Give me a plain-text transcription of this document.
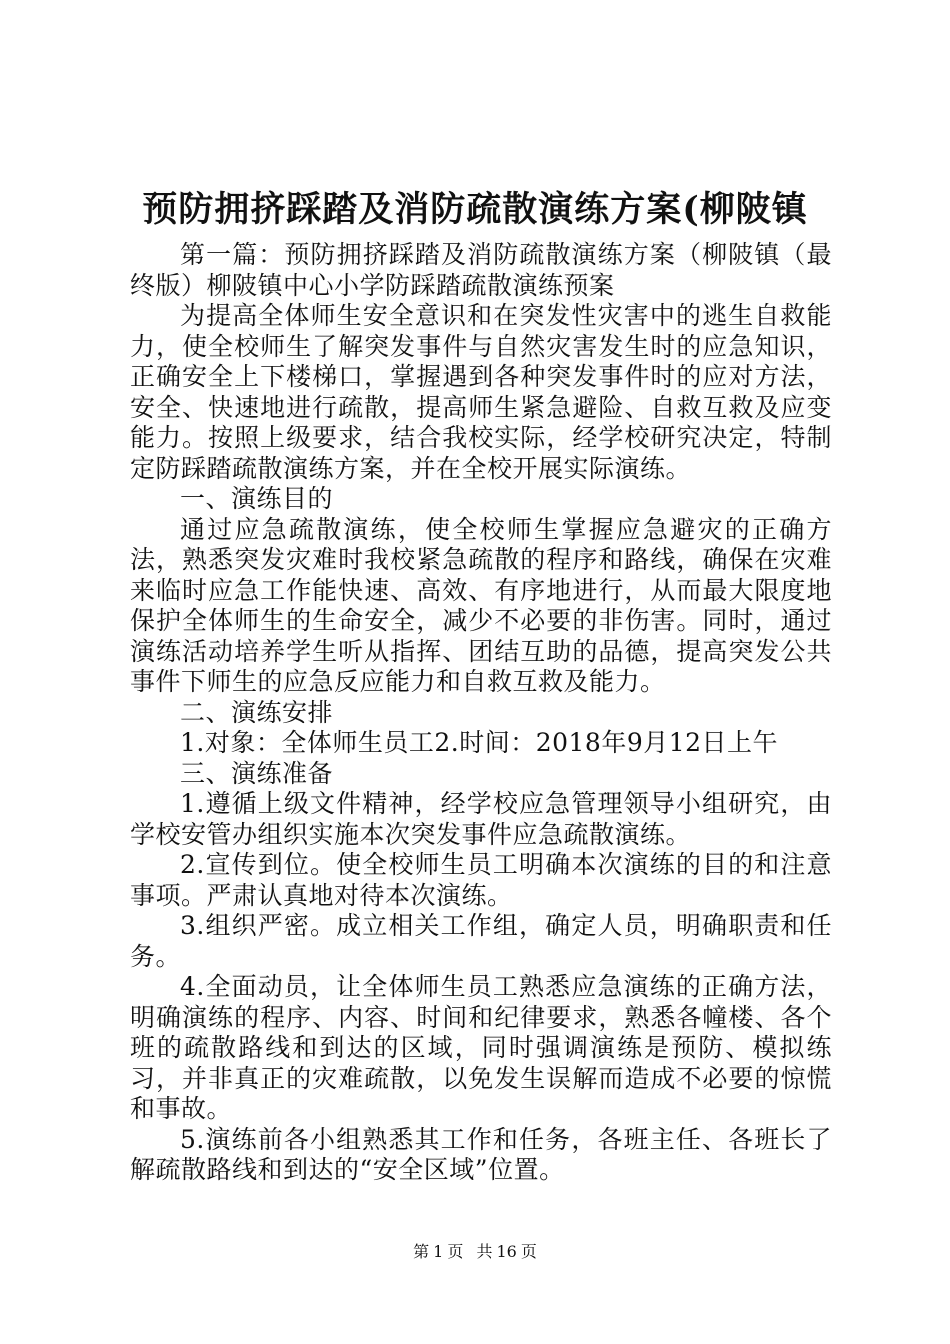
预防拥挤踩踏及消防疏散演练方案(柳陂镇

第一篇：预防拥挤踩踏及消防疏散演练方案（柳陂镇（最终版）柳陂镇中心小学防踩踏疏散演练预案

为提高全体师生安全意识和在突发性灾害中的逃生自救能力，使全校师生了解突发事件与自然灾害发生时的应急知识，正确安全上下楼梯口，掌握遇到各种突发事件时的应对方法，安全、快速地进行疏散，提高师生紧急避险、自救互救及应变能力。按照上级要求，结合我校实际，经学校研究决定，特制定防踩踏疏散演练方案，并在全校开展实际演练。

一、演练目的

通过应急疏散演练，使全校师生掌握应急避灾的正确方法，熟悉突发灾难时我校紧急疏散的程序和路线，确保在灾难来临时应急工作能快速、高效、有序地进行，从而最大限度地保护全体师生的生命安全，减少不必要的非伤害。同时，通过演练活动培养学生听从指挥、团结互助的品德，提高突发公共事件下师生的应急反应能力和自救互救及能力。

二、演练安排

1.对象：全体师生员工2.时间：2018年9月12日上午

三、演练准备

1.遵循上级文件精神，经学校应急管理领导小组研究，由学校安管办组织实施本次突发事件应急疏散演练。

2.宣传到位。使全校师生员工明确本次演练的目的和注意事项。严肃认真地对待本次演练。

3.组织严密。成立相关工作组，确定人员，明确职责和任务。

4.全面动员，让全体师生员工熟悉应急演练的正确方法，明确演练的程序、内容、时间和纪律要求，熟悉各幢楼、各个班的疏散路线和到达的区域，同时强调演练是预防、模拟练习，并非真正的灾难疏散，以免发生误解而造成不必要的惊慌和事故。

5.演练前各小组熟悉其工作和任务，各班主任、各班长了解疏散路线和到达的“安全区域”位置。

第 1 页 共 16 页
